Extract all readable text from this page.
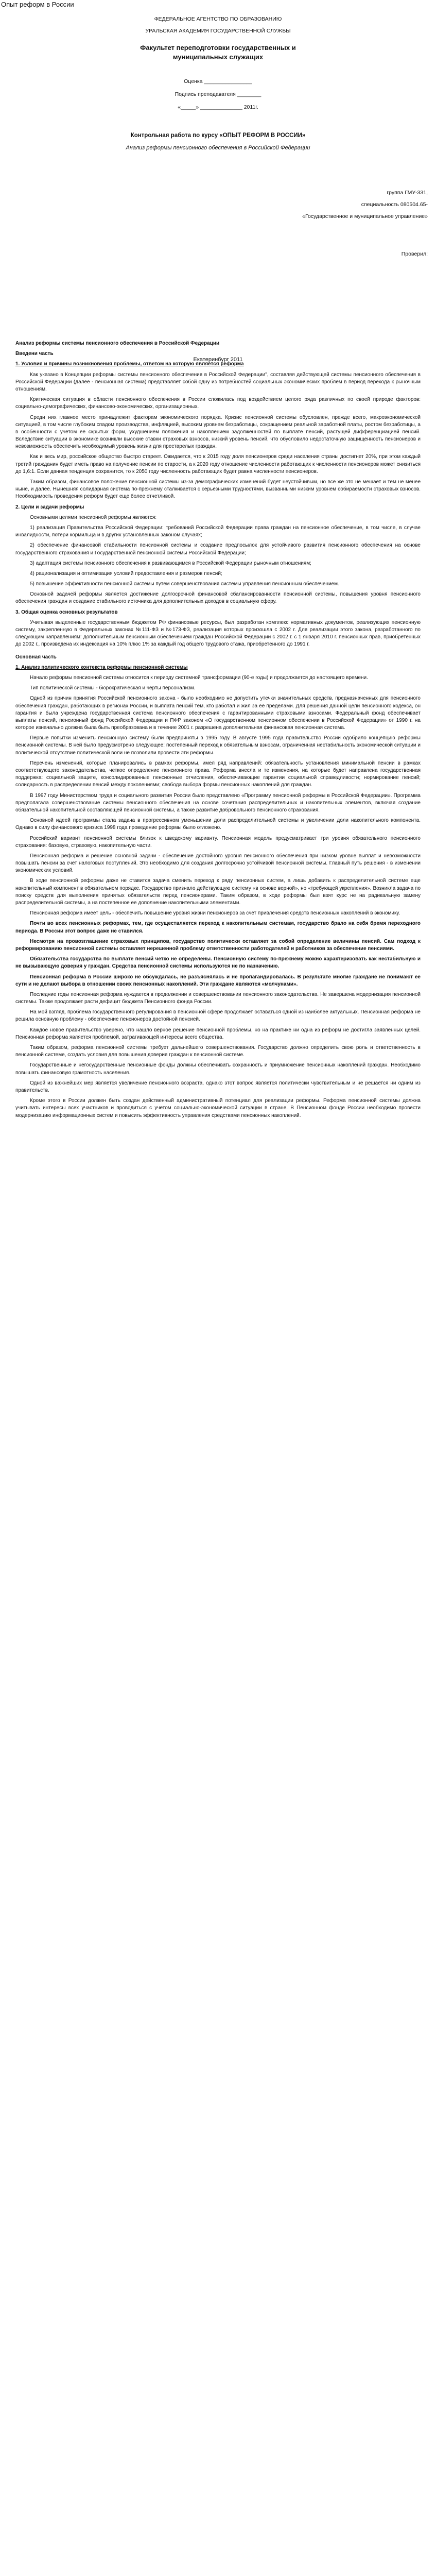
Опыт реформ в России
ФЕДЕРАЛЬНОЕ АГЕНТСТВО ПО ОБРАЗОВАНИЮ
УРАЛЬСКАЯ АКАДЕМИЯ ГОСУДАРСТВЕННОЙ СЛУЖБЫ
Факультет переподготовки государственных и
муниципальных служащих
Оценка ________________
Подпись преподавателя ________
«_____» ______________ 2011г.
Контрольная работа по курсу «ОПЫТ РЕФОРМ В РОССИИ»
Анализ реформы пенсионного обеспечения в Российской Федерации
группа ГМУ-331,
специальность 080504.65-
«Государственное и муниципальное управление»
Проверил:
Екатеринбург 2011

Анализ реформы системы пенсионного обеспечения в Российской Федерации

Введени часть

1. Условия и причины возникновения проблемы, ответом на которую является реформа

Как указано в Концепции реформы системы пенсионного обеспечения в Российской Федерации", составляя действующей системы пенсионного обеспечения в Российской Федерации (далее - пенсионная система) представляет собой одну из потребностей социальных экономических проблем в период перехода к рыночным отношениям.

Критическая ситуация в области пенсионного обеспечения в России сложилась под воздействием целого ряда различных по своей природе факторов: социально-демографических, финансово-экономических, организационных.

Среди них главное место принадлежит факторам экономического порядка. Кризис пенсионной системы обусловлен, прежде всего, макроэкономической ситуацией, в том числе глубоким спадом производства, инфляцией, высоким уровнем безработицы, сокращением реальной заработной платы, ростом безработицы, а в особенности с учетом ее скрытых форм, ухудшением положения и накоплением задолженностей по выплате пенсий, растущей дифференциацией пенсий. Вследствие ситуации в экономике возникли высокие ставки страховых взносов, низкий уровень пенсий, что обусловило недостаточную защищенность пенсионеров и невозможность обеспечить необходимый уровень жизни для престарелых граждан.

Как и весь мир, российское общество быстро стареет. Ожидается, что к 2015 году доля пенсионеров среди населения страны достигнет 20%, при этом каждый третий гражданин будет иметь право на получение пенсии по старости, а к 2020 году отношение численности работающих к численности пенсионеров может снизиться до 1,6:1. Если данная тенденция сохранится, то к 2050 году численность работающих будет равна численности пенсионеров.

Таким образом, финансовое положение пенсионной системы из-за демографических изменений будет неустойчивым, но все же это не мешает и тем не менее ныне, и далее. Нынешняя солидарная система по-прежнему сталкивается с серьезными трудностями, вызванными низким уровнем собираемости страховых взносов. Необходимость проведения реформ будет еще более отчетливой.

2. Цели и задачи реформы

Основными целями пенсионной реформы являются:

1) реализация Правительства Российской Федерации: требований Российской Федерации права граждан на пенсионное обеспечение, в том числе, в случае инвалидности, потери кормильца и в других установленных законом случаях;

2) обеспечение финансовой стабильности пенсионной системы и создание предпосылок для устойчивого развития пенсионного обеспечения на основе государственного страхования и Государственной пенсионной системы Российской Федерации;

3) адаптация системы пенсионного обеспечения к развивающимся в Российской Федерации рыночным отношениям;

4) рационализация и оптимизация условий предоставления и размеров пенсий;

5) повышение эффективности пенсионной системы путем совершенствования системы управления пенсионным обеспечением.

Основной задачей реформы является достижение долгосрочной финансовой сбалансированности пенсионной системы, повышения уровня пенсионного обеспечения граждан и создание стабильного источника для дополнительных доходов в социальную сферу.

3. Общая оценка основных результатов

Учитывая выделенные государственным бюджетом РФ финансовые ресурсы, был разработан комплекс нормативных документов, реализующих пенсионную систему, закрепленную в Федеральных законах №111-ФЗ и №173-ФЗ, реализация которых произошла с 2002 г. Для реализации этого закона, разработанного по следующим направлениям: дополнительным пенсионным обеспечением граждан Российской Федерации с 2002 г. с 1 января 2010 г. пенсионных прав, приобретенных до 2002 г., произведена их индексация на 10% плюс 1% за каждый год общего трудового стажа, приобретенного до 1991 г.

Основная часть

1. Анализ политического контекста реформы пенсионной системы

Начало реформы пенсионной системы относится к периоду системной трансформации (90-е годы) и продолжается до настоящего времени.

Тип политической системы - бюрократическая и черты персонализм.

Одной из причин принятия Российской пенсионного закона - было необходимо не допустить утечки значительных средств, предназначенных для пенсионного обеспечения граждан, работающих в регионах России, и выплата пенсий тем, кто работал и жил за ее пределами. Для решения данной цели пенсионного кодекса, он гарантия и была учреждена государственная система пенсионного обеспечения с гарантированными страховыми взносами. Федеральный фонд обеспечивает выплаты пенсий, пенсионный фонд Российской Федерации и ПФР законом «О государственном пенсионном обеспечении в Российской Федерации» от 1990 г. на которое изначально должна была быть преобразована и в течение 2001 г. разрешена дополнительная финансовая пенсионная система.

Первые попытки изменить пенсионную систему были предприняты в 1995 году. В августе 1995 года правительство России одобрило концепцию реформы пенсионной системы. В ней было предусмотрено следующее: постепенный переход к обязательным взносам, ограниченная нестабильность экономической ситуации и политической отсутствие политической воли не позволили провести эти реформы.

Перечень изменений, которые планировались в рамках реформы, имел ряд направлений: обязательность установления минимальной пенсии в рамках соответствующего законодательства, четкое определение пенсионного права. Реформа внесла и те изменения, на которые будет направлена государственная поддержка: социальной защите, консолидированные пенсионные отчисления, обеспечивающие гарантии социальной справедливости; нормирование пенсий; солидарность в распределении пенсий между поколениями; свобода выбора формы пенсионных накоплений для граждан.

В 1997 году Министерством труда и социального развития России было представлено «Программу пенсионной реформы в Российской Федерации». Программа предполагала совершенствование системы пенсионного обеспечения на основе сочетания распределительных и накопительных элементов, включая создание обязательной накопительной составляющей пенсионной системы, а также развитие добровольного пенсионного страхования.

Основной идеей программы стала задача в прогрессивном уменьшении доли распределительной системы и увеличении доли накопительного компонента. Однако в силу финансового кризиса 1998 года проведение реформы было отложено.

Российский вариант пенсионной системы близок к шведскому варианту. Пенсионная модель предусматривает три уровня обязательного пенсионного страхования: базовую, страховую, накопительную части.

Пенсионная реформа и решение основной задачи - обеспечение достойного уровня пенсионного обеспечения при низком уровне выплат и невозможности повышать пенсии за счет налоговых поступлений. Это необходимо для создания долгосрочно устойчивой пенсионной системы. Главный путь решения - в изменении экономических условий.

В ходе пенсионной реформы даже не ставится задача сменить переход к ряду пенсионных систем, а лишь добавить к распределительной системе еще накопительный компонент в обязательном порядке. Государство признало действующую систему «в основе верной», но «требующей укрепления». Возникла задача по поиску средств для выполнения принятых обязательств перед пенсионерами. Таким образом, в ходе реформы был взят курс не на радикальную замену распределительной системы, а на постепенное ее дополнение накопительными элементами.

Пенсионная реформа имеет цель - обеспечить повышение уровня жизни пенсионеров за счет привлечения средств пенсионных накоплений в экономику.

Почти во всех пенсионных реформах, тем, где осуществляется переход к накопительным системам, государство брало на себя бремя переходного периода. В России этот вопрос даже не ставился.

Несмотря на провозглашение страховых принципов, государство политически оставляет за собой определение величины пенсий. Сам подход к реформированию пенсионной системы оставляет нерешенной проблему ответственности работодателей и работников за обеспечение пенсиями.

Обязательства государства по выплате пенсий четко не определены. Пенсионную систему по-прежнему можно характеризовать как нестабильную и не вызывающую доверия у граждан. Средства пенсионной системы используются не по назначению.

Пенсионная реформа в России широко не обсуждалась, не разъяснялась и не пропагандировалась. В результате многие граждане не понимают ее сути и не делают выбора в отношении своих пенсионных накоплений. Эти граждане являются «молчунами».

Последние годы пенсионная реформа нуждается в продолжении и совершенствовании пенсионного законодательства. Не завершена модернизация пенсионной системы. Также продолжает расти дефицит бюджета Пенсионного фонда России.

На мой взгляд, проблема государственного регулирования в пенсионной сфере продолжает оставаться одной из наиболее актуальных. Пенсионная реформа не решила основную проблему - обеспечение пенсионеров достойной пенсией.

Каждое новое правительство уверено, что нашло верное решение пенсионной проблемы, но на практике ни одна из реформ не достигла заявленных целей. Пенсионная реформа является проблемой, затрагивающей интересы всего общества.

Таким образом, реформа пенсионной системы требует дальнейшего совершенствования. Государство должно определить свою роль и ответственность в пенсионной системе, создать условия для повышения доверия граждан к пенсионной системе.

Государственные и негосударственные пенсионные фонды должны обеспечивать сохранность и приумножение пенсионных накоплений граждан. Необходимо повышать финансовую грамотность населения.

Одной из важнейших мер является увеличение пенсионного возраста, однако этот вопрос является политически чувствительным и не решается ни одним из правительств.

Кроме этого в России должен быть создан действенный административный потенциал для реализации реформы. Реформа пенсионной системы должна учитывать интересы всех участников и проводиться с учетом социально-экономической ситуации в стране. В Пенсионном фонде России необходимо провести модернизацию информационных систем и повысить эффективность управления средствами пенсионных накоплений.
